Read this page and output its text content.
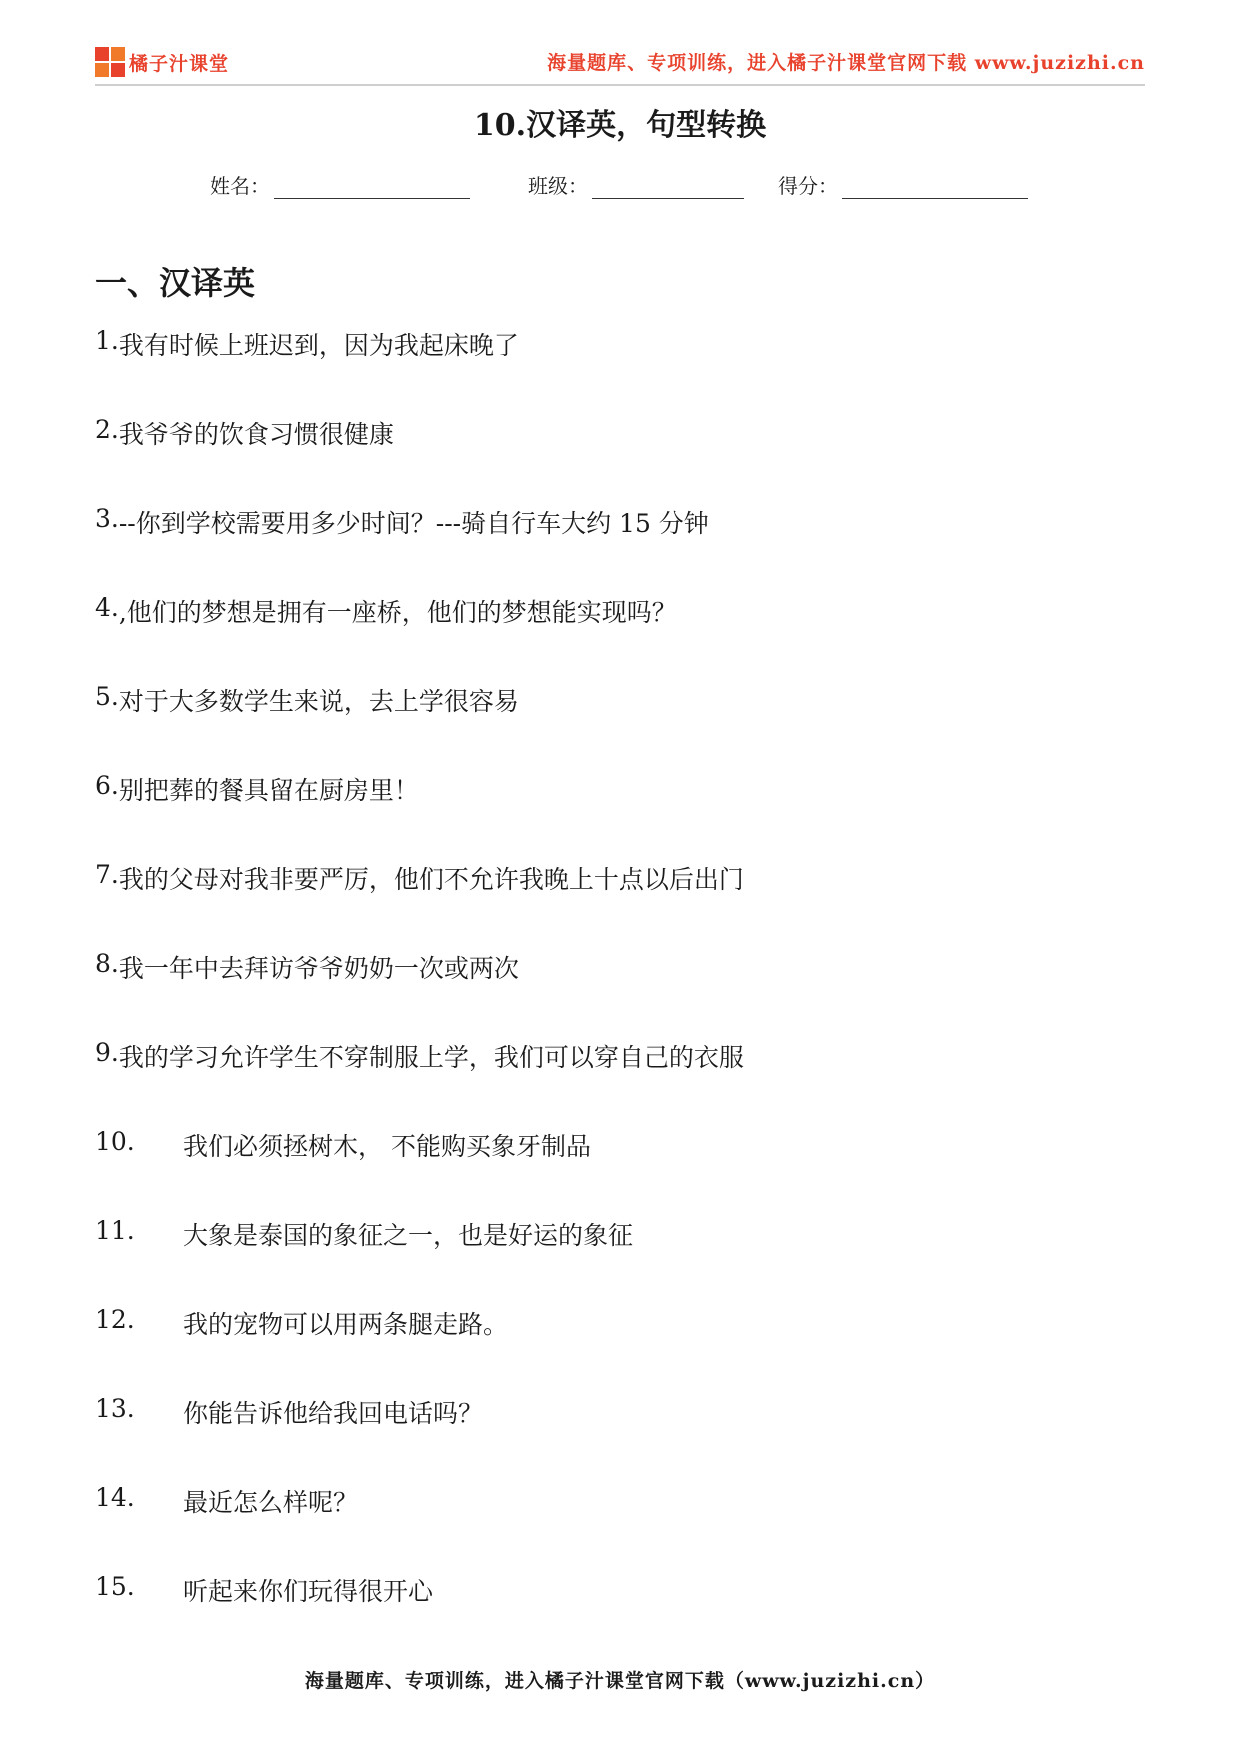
橘子汁课堂	海量题库、专项训练，进入橘子汁课堂官网下载 www.juzizhi.cn
10.汉译英，句型转换
姓名：	班级：	得分：
一、汉译英
1. 我有时候上班迟到，因为我起床晚了
2. 我爷爷的饮食习惯很健康
3. --你到学校需要用多少时间？---骑自行车大约 15 分钟
4. ,他们的梦想是拥有一座桥，他们的梦想能实现吗？
5. 对于大多数学生来说，去上学很容易
6. 别把葬的餐具留在厨房里！
7. 我的父母对我非要严厉，他们不允许我晚上十点以后出门
8. 我一年中去拜访爷爷奶奶一次或两次
9. 我的学习允许学生不穿制服上学，我们可以穿自己的衣服
10.	我们必须拯树木， 不能购买象牙制品
11.	大象是泰国的象征之一，也是好运的象征
12.	我的宠物可以用两条腿走路。
13.	你能告诉他给我回电话吗？
14.	最近怎么样呢？
15.	听起来你们玩得很开心
海量题库、专项训练，进入橘子汁课堂官网下载（www.juzizhi.cn）
